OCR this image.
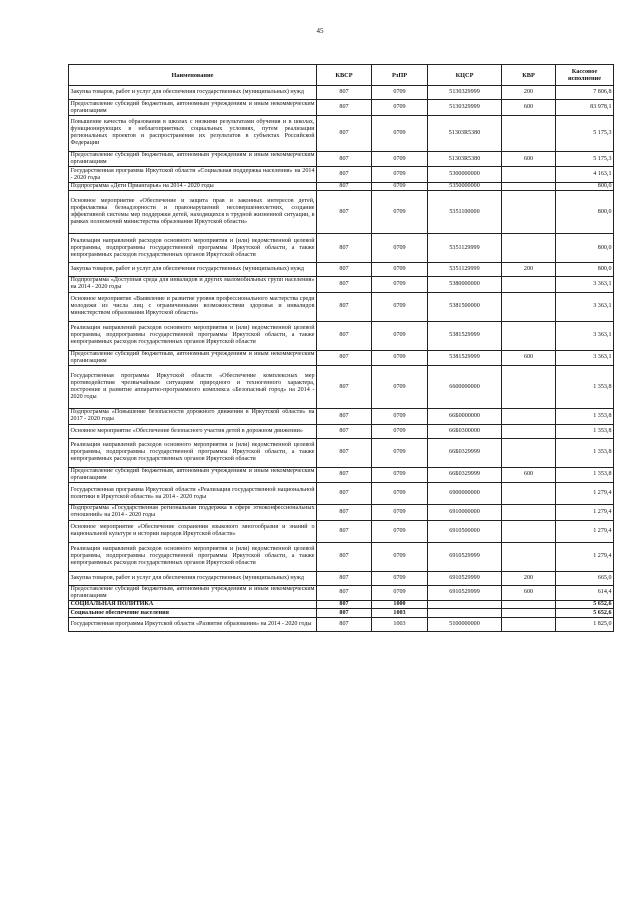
45
Наименование	КВСР	РзПР	КЦСР	КВР	Кассовое исполнение
Закупка товаров, работ и услуг для обеспечения государственных (муниципальных) нужд	807	0709	5130329999	200	7 806,8
Предоставление субсидий бюджетным, автономным учреждениям и иным некоммерческим организациям	807	0709	5130329999	600	83 978,1
Повышение качества образования в школах с низкими результатами обучения и в школах, функционирующих в неблагоприятных социальных условиях, путем реализации региональных проектов и распространения их результатов в субъектах Российской Федерации	807	0709	51303R5380		5 175,3
Предоставление субсидий бюджетным, автономным учреждениям и иным некоммерческим организациям	807	0709	51303R5380	600	5 175,3
Государственная программа Иркутской области «Социальная поддержка населения» на 2014 - 2020 годы	807	0709	5300000000		4 163,1
Подпрограмма «Дети Приангарья» на 2014 - 2020 годы	807	0709	5350000000		800,0
Основное мероприятие «Обеспечение и защита прав и законных интересов детей, профилактика безнадзорности и правонарушений несовершеннолетних, создание эффективной системы мер поддержки детей, находящихся в трудной жизненной ситуации, в рамках полномочий министерства образования Иркутской области»	807	0709	5351100000		800,0
Реализация направлений расходов основного мероприятия и (или) ведомственной целевой программы, подпрограммы государственной программы Иркутской области, а также непрограммных расходов государственных органов Иркутской области	807	0709	5351129999		800,0
Закупка товаров, работ и услуг для обеспечения государственных (муниципальных) нужд	807	0709	5351129999	200	800,0
Подпрограмма «Доступная среда для инвалидов и других маломобильных групп населения» на 2014 - 2020 годы	807	0709	5380000000		3 363,1
Основное мероприятие «Выявление и развитие уровня профессионального мастерства среди молодежи из числа лиц с ограниченными возможностями здоровья и инвалидов министерством образования Иркутской области»	807	0709	5381500000		3 363,1
Реализация направлений расходов основного мероприятия и (или) ведомственной целевой программы, подпрограммы государственной программы Иркутской области, а также непрограммных расходов государственных органов Иркутской области	807	0709	5381529999		3 363,1
Предоставление субсидий бюджетным, автономным учреждениям и иным некоммерческим организациям	807	0709	5381529999	600	3 363,1
Государственная программа Иркутской области «Обеспечение комплексных мер противодействия чрезвычайным ситуациям природного и техногенного характера, построение и развитие аппаратно-программного комплекса «Безопасный город» на 2014 - 2020 годы	807	0709	6600000000		1 353,8
Подпрограмма «Повышение безопасности дорожного движения в Иркутской области» на 2017 - 2020 годы	807	0709	66Б0000000		1 353,8
Основное мероприятие «Обеспечение безопасного участия детей в дорожном движении»	807	0709	66Б0300000		1 353,8
Реализация направлений расходов основного мероприятия и (или) ведомственной целевой программы, подпрограммы государственной программы Иркутской области, а также непрограммных расходов государственных органов Иркутской области	807	0709	66Б0329999		1 353,8
Предоставление субсидий бюджетным, автономным учреждениям и иным некоммерческим организациям	807	0709	66Б0329999	600	1 353,8
Государственная программа Иркутской области «Реализация государственной национальной политики в Иркутской области» на 2014 - 2020 годы	807	0709	6900000000		1 279,4
Подпрограмма «Государственная региональная поддержка в сфере этноконфессиональных отношений» на 2014 - 2020 годы	807	0709	6910000000		1 279,4
Основное мероприятие «Обеспечение сохранения языкового многообразия и знаний о национальной культуре и истории народов Иркутской области»	807	0709	6910500000		1 279,4
Реализация направлений расходов основного мероприятия и (или) ведомственной целевой программы, подпрограммы государственной программы Иркутской области, а также непрограммных расходов государственных органов Иркутской области	807	0709	6910529999		1 279,4
Закупка товаров, работ и услуг для обеспечения государственных (муниципальных) нужд	807	0709	6910529999	200	665,0
Предоставление субсидий бюджетным, автономным учреждениям и иным некоммерческим организациям	807	0709	6910529999	600	614,4
СОЦИАЛЬНАЯ ПОЛИТИКА	807	1000			5 652,6
Социальное обеспечение населения	807	1003			5 652,6
Государственная программа Иркутской области «Развитие образования» на 2014 - 2020 годы	807	1003	5100000000		1 825,0
